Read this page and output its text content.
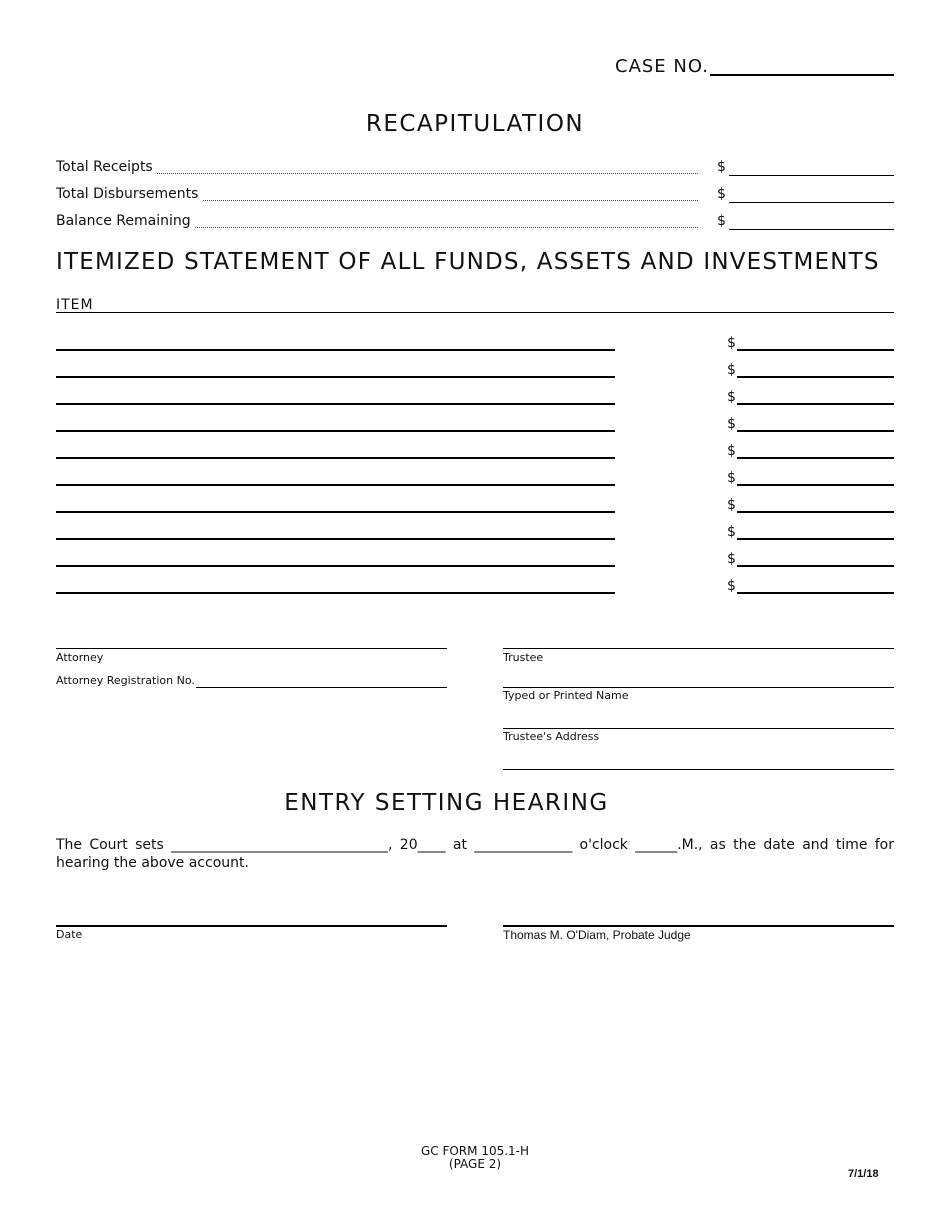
CASE NO.
RECAPITULATION
Total Receipts	$
Total Disbursements	$
Balance Remaining	$
ITEMIZED STATEMENT OF ALL FUNDS, ASSETS AND INVESTMENTS
ITEM
$
$
$
$
$
$
$
$
$
$
Attorney
Attorney Registration No.
Trustee
Typed or Printed Name
Trustee's Address
ENTRY SETTING HEARING
The Court sets _______________________________, 20____ at ______________ o'clock ______.M., as the date and time for hearing the above account.
Date	Thomas M. O'Diam, Probate Judge
GC FORM 105.1-H
(PAGE 2)
7/1/18
